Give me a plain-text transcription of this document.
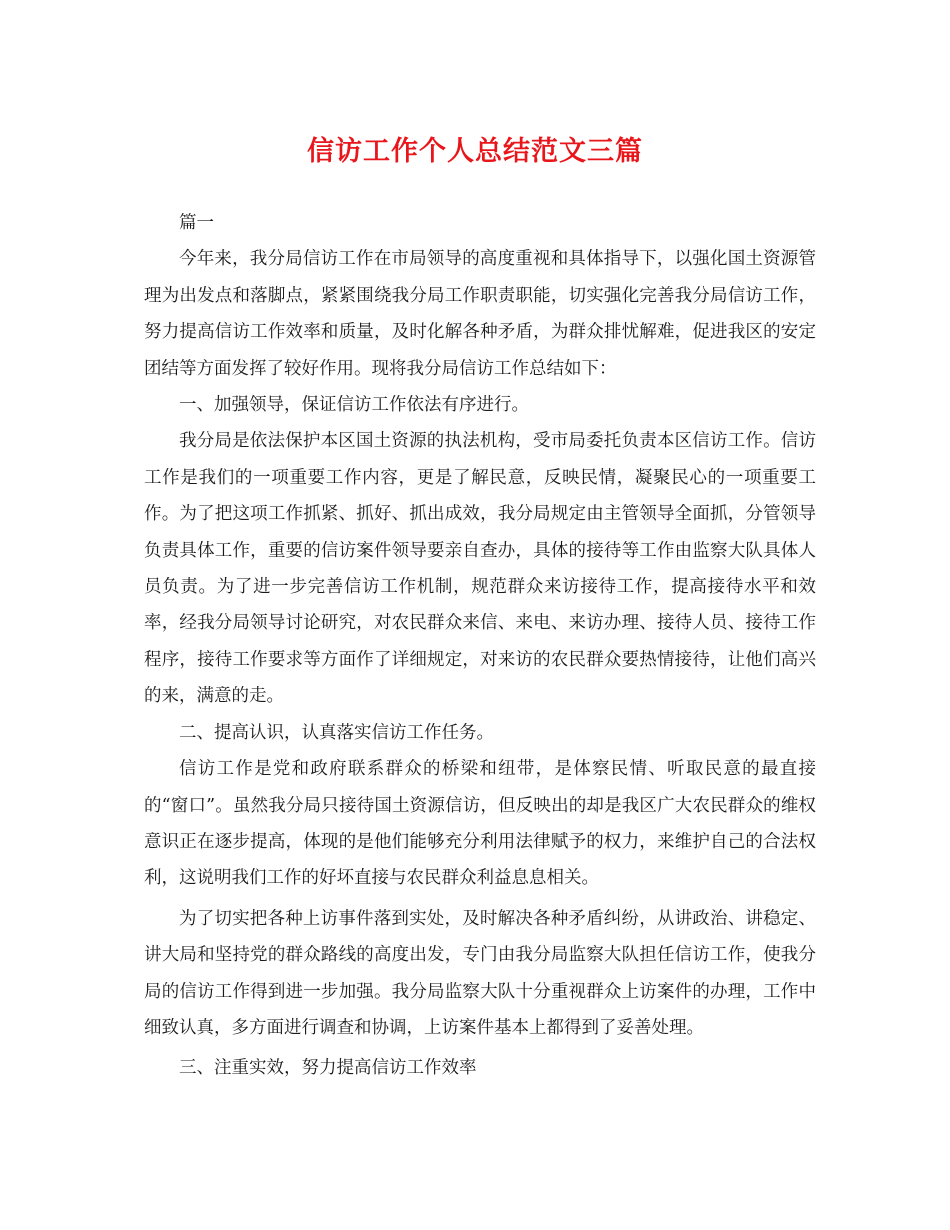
信访工作个人总结范文三篇

篇一

今年来，我分局信访工作在市局领导的高度重视和具体指导下，以强化国土资源管理为出发点和落脚点，紧紧围绕我分局工作职责职能，切实强化完善我分局信访工作，努力提高信访工作效率和质量，及时化解各种矛盾，为群众排忧解难，促进我区的安定团结等方面发挥了较好作用。现将我分局信访工作总结如下：

一、加强领导，保证信访工作依法有序进行。

我分局是依法保护本区国土资源的执法机构，受市局委托负责本区信访工作。信访工作是我们的一项重要工作内容，更是了解民意，反映民情，凝聚民心的一项重要工作。为了把这项工作抓紧、抓好、抓出成效，我分局规定由主管领导全面抓，分管领导负责具体工作，重要的信访案件领导要亲自查办，具体的接待等工作由监察大队具体人员负责。为了进一步完善信访工作机制，规范群众来访接待工作，提高接待水平和效率，经我分局领导讨论研究，对农民群众来信、来电、来访办理、接待人员、接待工作程序，接待工作要求等方面作了详细规定，对来访的农民群众要热情接待，让他们高兴的来，满意的走。

二、提高认识，认真落实信访工作任务。

信访工作是党和政府联系群众的桥梁和纽带，是体察民情、听取民意的最直接的“窗口”。虽然我分局只接待国土资源信访，但反映出的却是我区广大农民群众的维权意识正在逐步提高，体现的是他们能够充分利用法律赋予的权力，来维护自己的合法权利，这说明我们工作的好坏直接与农民群众利益息息相关。

为了切实把各种上访事件落到实处，及时解决各种矛盾纠纷，从讲政治、讲稳定、讲大局和坚持党的群众路线的高度出发，专门由我分局监察大队担任信访工作，使我分局的信访工作得到进一步加强。我分局监察大队十分重视群众上访案件的办理，工作中细致认真，多方面进行调查和协调，上访案件基本上都得到了妥善处理。

三、注重实效，努力提高信访工作效率
